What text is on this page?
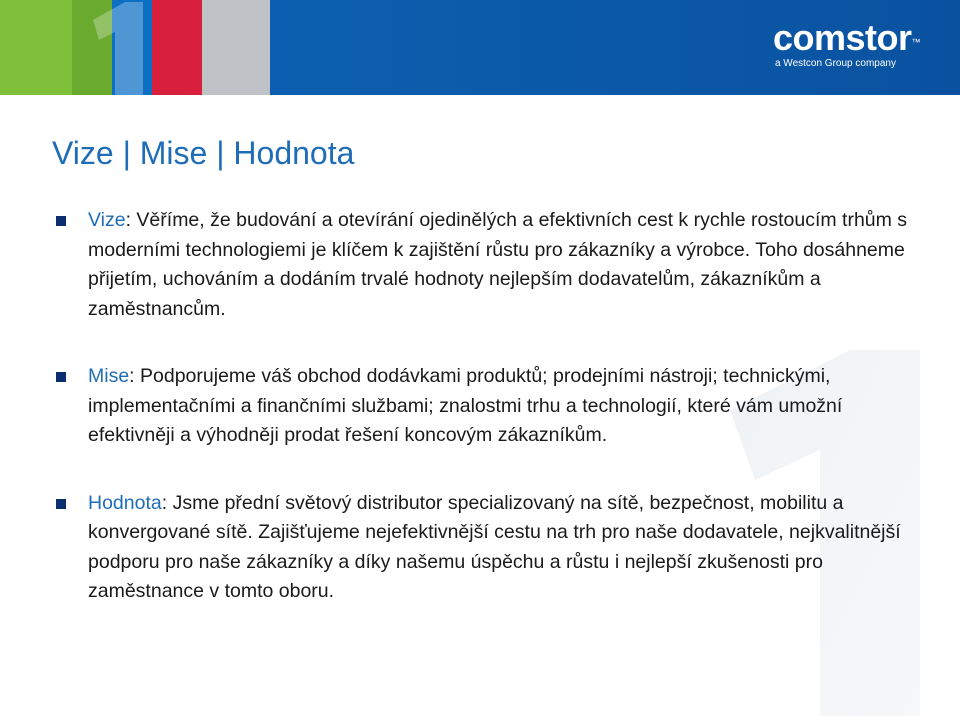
comstor™
a Westcon Group company
Vize | Mise | Hodnota
Vize: Věříme, že budování a otevírání ojedinělých a efektivních cest k rychle rostoucím trhům s moderními technologiemi je klíčem k zajištění růstu pro zákazníky a výrobce. Toho dosáhneme přijetím, uchováním a dodáním trvalé hodnoty nejlepším dodavatelům, zákazníkům a zaměstnancům.
Mise: Podporujeme váš obchod dodávkami produktů; prodejními nástroji; technickými, implementačními a finančními službami; znalostmi trhu a technologií, které vám umožní efektivněji a výhodněji prodat řešení koncovým zákazníkům.
Hodnota: Jsme přední světový distributor specializovaný na sítě, bezpečnost, mobilitu a konvergované sítě. Zajišťujeme nejefektivnější cestu na trh pro naše dodavatele, nejkvalitnější podporu pro naše zákazníky a díky našemu úspěchu a růstu i nejlepší zkušenosti pro zaměstnance v tomto oboru.
